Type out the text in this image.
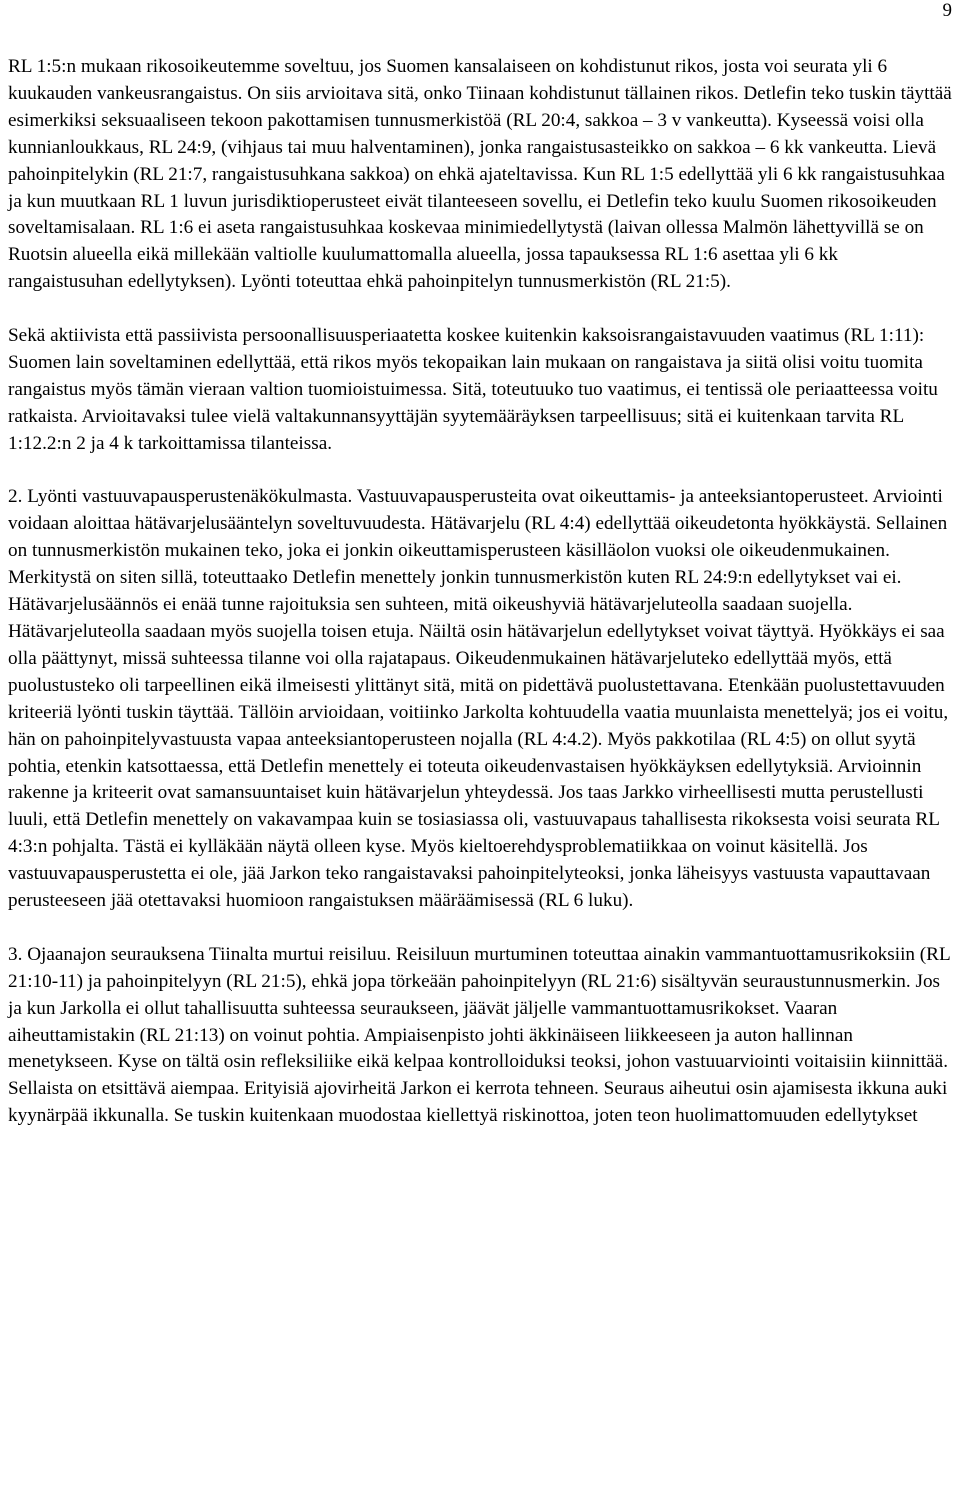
9

RL 1:5:n mukaan rikosoikeutemme soveltuu, jos Suomen kansalaiseen on kohdistunut rikos, josta voi seurata yli 6 kuukauden vankeusrangaistus. On siis arvioitava sitä, onko Tiinaan kohdistunut tällainen rikos. Detlefin teko tuskin täyttää esimerkiksi seksuaaliseen tekoon pakottamisen tunnusmerkistöä (RL 20:4, sakkoa – 3 v vankeutta). Kyseessä voisi olla kunnianloukkaus, RL 24:9, (vihjaus tai muu halventaminen), jonka rangaistusasteikko on sakkoa – 6 kk vankeutta. Lievä pahoinpitelykin (RL 21:7, rangaistusuhkana sakkoa) on ehkä ajateltavissa. Kun RL 1:5 edellyttää yli 6 kk rangaistusuhkaa ja kun muutkaan RL 1 luvun jurisdiktioperusteet eivät tilanteeseen sovellu, ei Detlefin teko kuulu Suomen rikosoikeuden soveltamisalaan. RL 1:6 ei aseta rangaistusuhkaa koskevaa minimiedellytystä (laivan ollessa Malmön lähettyvillä se on Ruotsin alueella eikä millekään valtiolle kuulumattomalla alueella, jossa tapauksessa RL 1:6 asettaa yli 6 kk rangaistusuhan edellytyksen). Lyönti toteuttaa ehkä pahoinpitelyn tunnusmerkistön (RL 21:5).

Sekä aktiivista että passiivista persoonallisuusperiaatetta koskee kuitenkin kaksoisrangaistavuuden vaatimus (RL 1:11): Suomen lain soveltaminen edellyttää, että rikos myös tekopaikan lain mukaan on rangaistava ja siitä olisi voitu tuomita rangaistus myös tämän vieraan valtion tuomioistuimessa. Sitä, toteutuuko tuo vaatimus, ei tentissä ole periaatteessa voitu ratkaista. Arvioitavaksi tulee vielä valtakunnansyyttäjän syytemääräyksen tarpeellisuus; sitä ei kuitenkaan tarvita RL 1:12.2:n 2 ja 4 k tarkoittamissa tilanteissa.

2. Lyönti vastuuvapausperustenäkökulmasta. Vastuuvapausperusteita ovat oikeuttamis- ja anteeksiantoperusteet. Arviointi voidaan aloittaa hätävarjelusääntelyn soveltuvuudesta. Hätävarjelu (RL 4:4) edellyttää oikeudetonta hyökkäystä. Sellainen on tunnusmerkistön mukainen teko, joka ei jonkin oikeuttamisperusteen käsilläolon vuoksi ole oikeudenmukainen. Merkitystä on siten sillä, toteuttaako Detlefin menettely jonkin tunnusmerkistön kuten RL 24:9:n edellytykset vai ei. Hätävarjelusäännös ei enää tunne rajoituksia sen suhteen, mitä oikeushyviä hätävarjeluteolla saadaan suojella. Hätävarjeluteolla saadaan myös suojella toisen etuja. Näiltä osin hätävarjelun edellytykset voivat täyttyä. Hyökkäys ei saa olla päättynyt, missä suhteessa tilanne voi olla rajatapaus. Oikeudenmukainen hätävarjeluteko edellyttää myös, että puolustusteko oli tarpeellinen eikä ilmeisesti ylittänyt sitä, mitä on pidettävä puolustettavana. Etenkään puolustettavuuden kriteeriä lyönti tuskin täyttää. Tällöin arvioidaan, voitiinko Jarkolta kohtuudella vaatia muunlaista menettelyä; jos ei voitu, hän on pahoinpitelyvastuusta vapaa anteeksiantoperusteen nojalla (RL 4:4.2). Myös pakkotilaa (RL 4:5) on ollut syytä pohtia, etenkin katsottaessa, että Detlefin menettely ei toteuta oikeudenvastaisen hyökkäyksen edellytyksiä. Arvioinnin rakenne ja kriteerit ovat samansuuntaiset kuin hätävarjelun yhteydessä. Jos taas Jarkko virheellisesti mutta perustellusti luuli, että Detlefin menettely on vakavampaa kuin se tosiasiassa oli, vastuuvapaus tahallisesta rikoksesta voisi seurata RL 4:3:n pohjalta. Tästä ei kylläkään näytä olleen kyse. Myös kieltoerehdysproblematiikkaa on voinut käsitellä. Jos vastuuvapausperustetta ei ole, jää Jarkon teko rangaistavaksi pahoinpitelyteoksi, jonka läheisyys vastuusta vapauttavaan perusteeseen jää otettavaksi huomioon rangaistuksen määräämisessä (RL 6 luku).

3. Ojaanajon seurauksena Tiinalta murtui reisiluu. Reisiluun murtuminen toteuttaa ainakin vammantuottamusrikoksiin (RL 21:10-11) ja pahoinpitelyyn (RL 21:5), ehkä jopa törkeään pahoinpitelyyn (RL 21:6) sisältyvän seuraustunnusmerkin. Jos ja kun Jarkolla ei ollut tahallisuutta suhteessa seuraukseen, jäävät jäljelle vammantuottamusrikokset. Vaaran aiheuttamistakin (RL 21:13) on voinut pohtia. Ampiaisenpisto johti äkkinäiseen liikkeeseen ja auton hallinnan menetykseen. Kyse on tältä osin refleksiliike eikä kelpaa kontrolloiduksi teoksi, johon vastuuarviointi voitaisiin kiinnittää. Sellaista on etsittävä aiempaa. Erityisiä ajovirheitä Jarkon ei kerrota tehneen. Seuraus aiheutui osin ajamisesta ikkuna auki kyynärpää ikkunalla. Se tuskin kuitenkaan muodostaa kiellettyä riskinottoa, joten teon huolimattomuuden edellytykset
